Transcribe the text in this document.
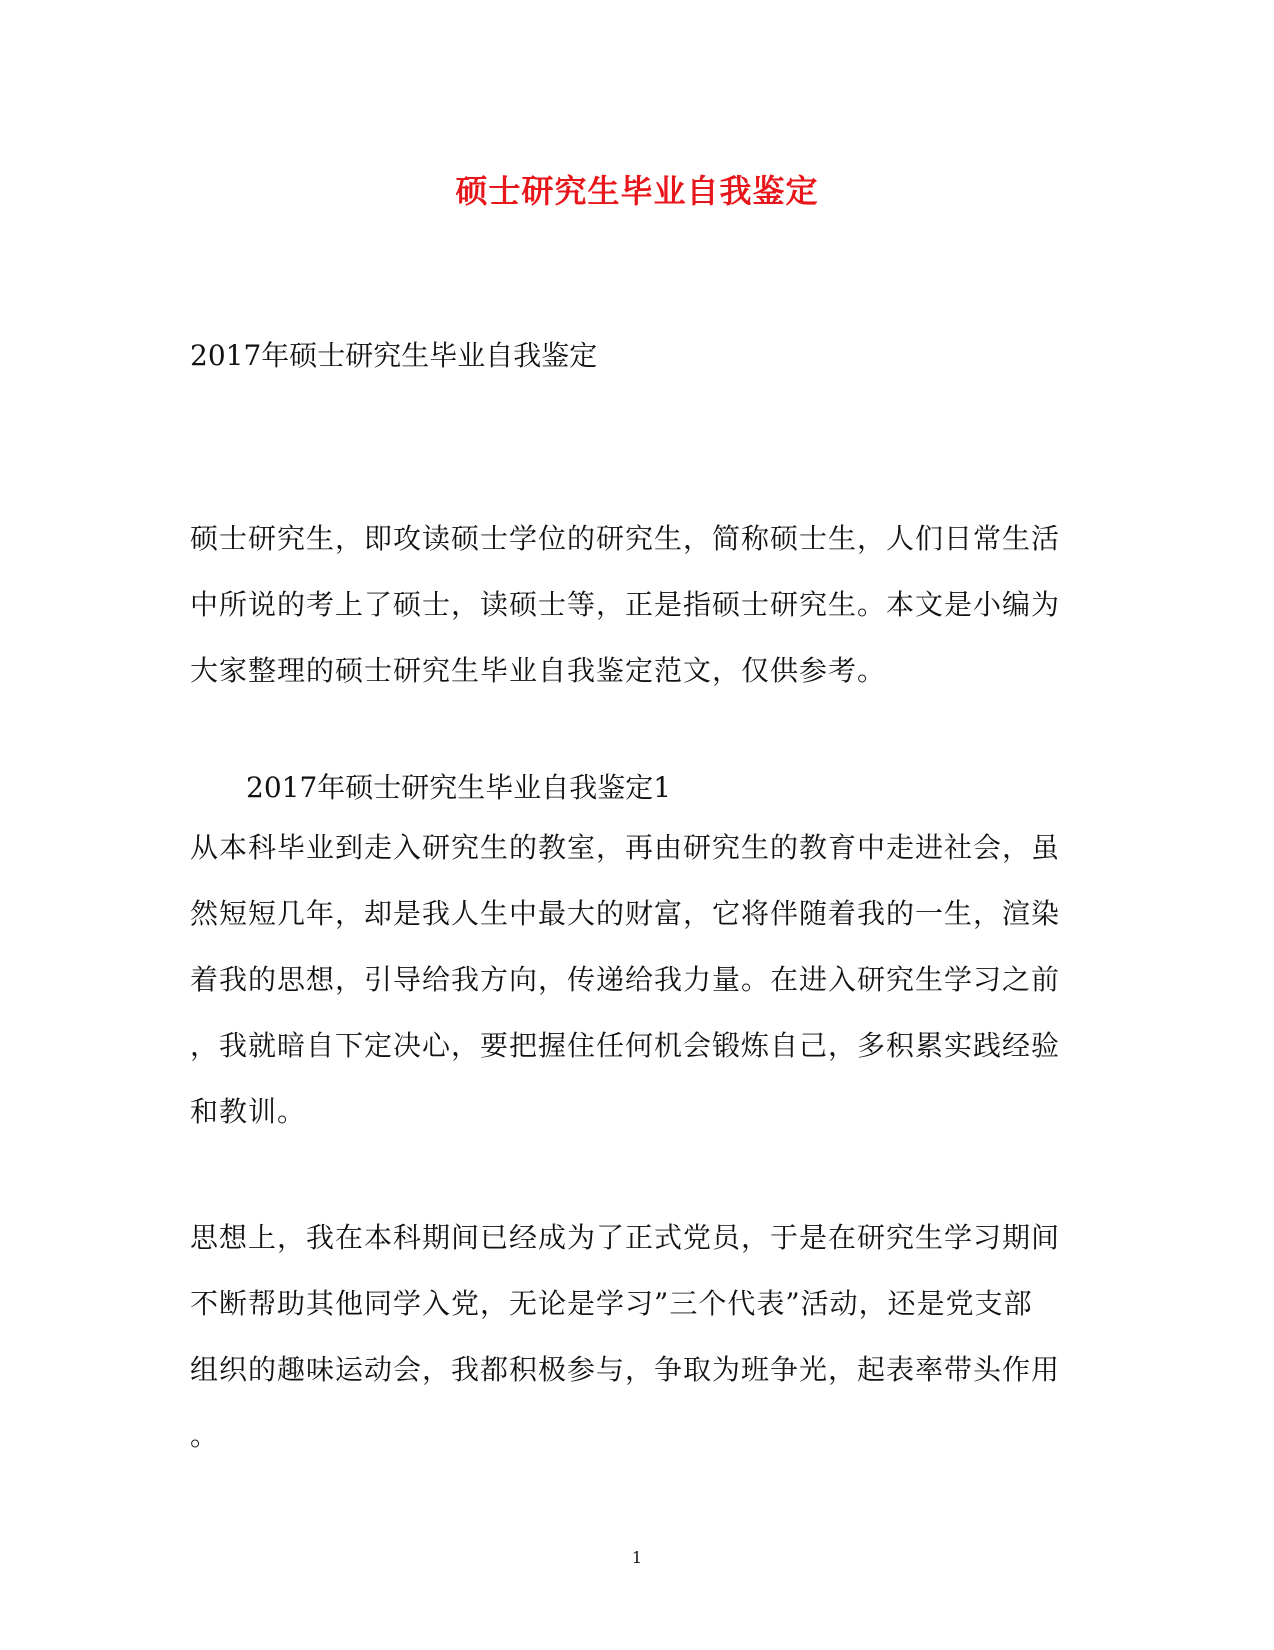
硕士研究生毕业自我鉴定
2017年硕士研究生毕业自我鉴定
硕士研究生，即攻读硕士学位的研究生，简称硕士生，人们日常生活
中所说的考上了硕士，读硕士等，正是指硕士研究生。本文是小编为
大家整理的硕士研究生毕业自我鉴定范文，仅供参考。
2017年硕士研究生毕业自我鉴定1
从本科毕业到走入研究生的教室，再由研究生的教育中走进社会，虽
然短短几年，却是我人生中最大的财富，它将伴随着我的一生，渲染
着我的思想，引导给我方向，传递给我力量。在进入研究生学习之前
，我就暗自下定决心，要把握住任何机会锻炼自己，多积累实践经验
和教训。
思想上，我在本科期间已经成为了正式党员，于是在研究生学习期间
不断帮助其他同学入党，无论是学习”三个代表”活动，还是党支部
组织的趣味运动会，我都积极参与，争取为班争光，起表率带头作用
。
1
